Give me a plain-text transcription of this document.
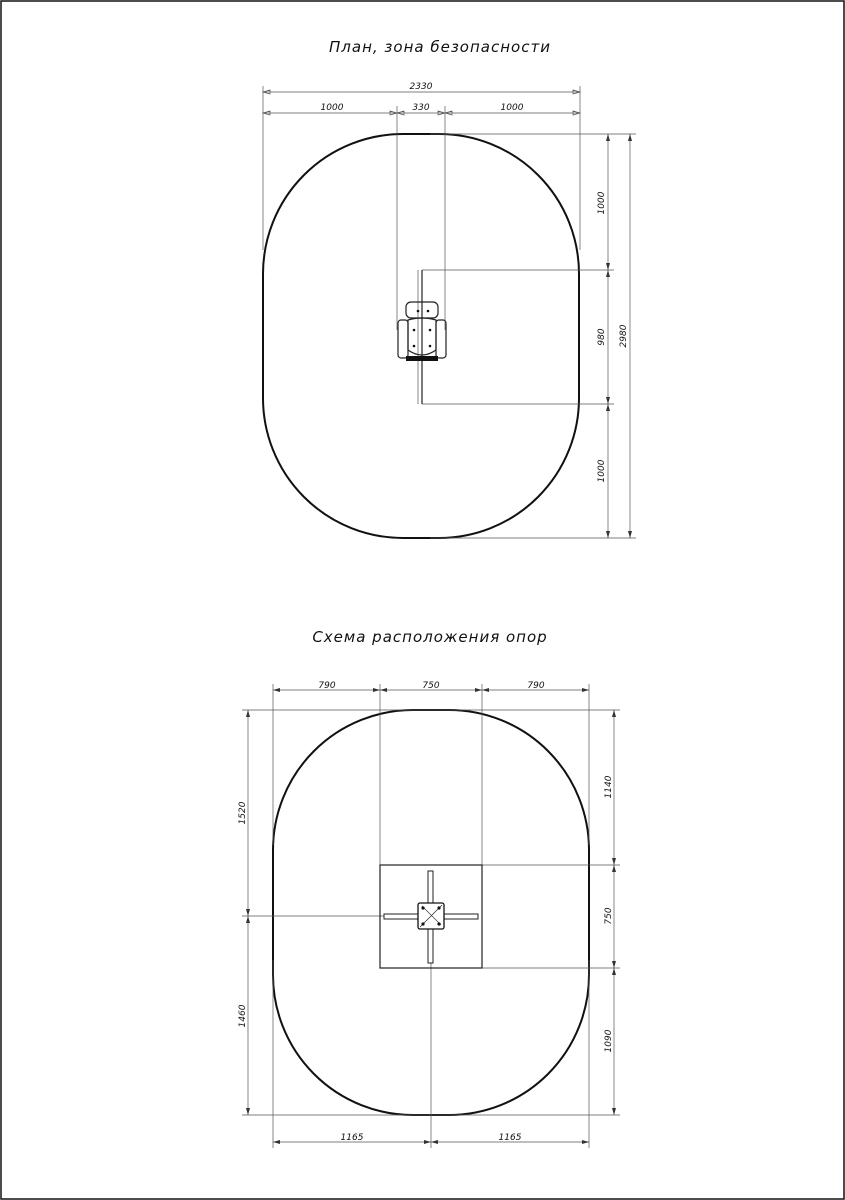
План, зона безопасности
2330
1000	330	1000
1000
980
1000
2980
Схема расположения опор
790	750	790
1140
750
1090
1520
1460
1165	1165
